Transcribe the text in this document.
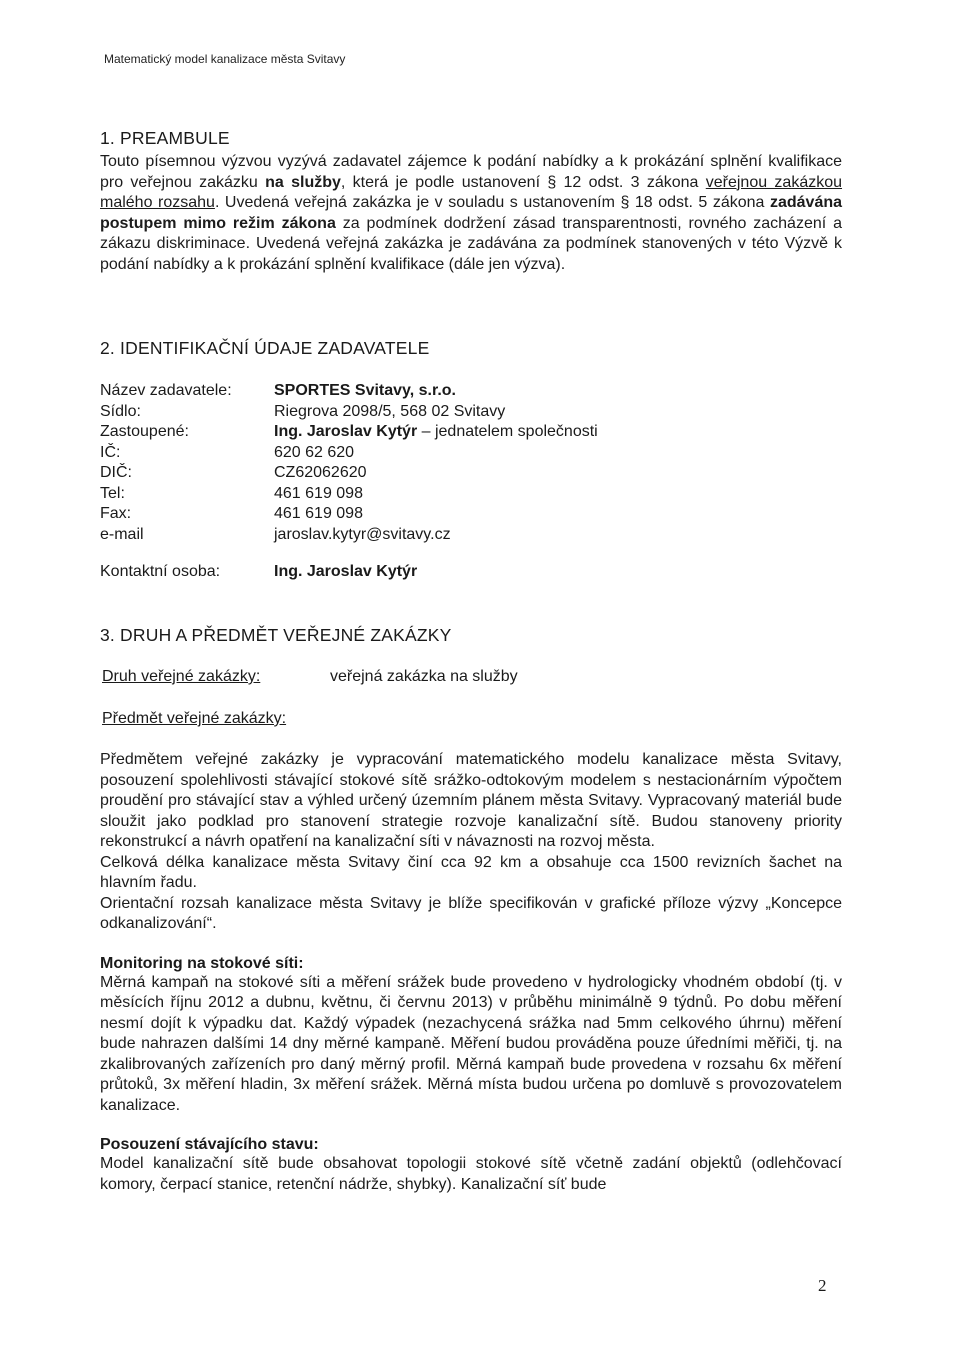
Matematický model kanalizace města Svitavy
1. PREAMBULE

Touto písemnou výzvou vyzývá zadavatel zájemce k podání nabídky a k prokázání splnění kvalifikace pro veřejnou zakázku na služby, která je podle ustanovení § 12 odst. 3 zákona veřejnou zakázkou malého rozsahu. Uvedená veřejná zakázka je v souladu s ustanovením § 18 odst. 5 zákona zadávána postupem mimo režim zákona za podmínek dodržení zásad transparentnosti, rovného zacházení a zákazu diskriminace. Uvedená veřejná zakázka je zadávána za podmínek stanovených v této Výzvě k podání nabídky a k prokázání splnění kvalifikace (dále jen výzva).

2. IDENTIFIKAČNÍ ÚDAJE ZADAVATELE
Název zadavatele:	SPORTES Svitavy, s.r.o.
Sídlo:	Riegrova 2098/5, 568 02 Svitavy
Zastoupené:	Ing. Jaroslav Kytýr – jednatelem společnosti
IČ:	620 62 620
DIČ:	CZ62062620
Tel:	461 619 098
Fax:	461 619 098
e-mail	jaroslav.kytyr@svitavy.cz
Kontaktní osoba:	Ing. Jaroslav Kytýr
3. DRUH A PŘEDMĚT VEŘEJNÉ ZAKÁZKY
Druh veřejné zakázky:	veřejná zakázka na služby
Předmět veřejné zakázky:

Předmětem veřejné zakázky je vypracování matematického modelu kanalizace města Svitavy, posouzení spolehlivosti stávající stokové sítě srážko-odtokovým modelem s nestacionárním výpočtem proudění pro stávající stav a výhled určený územním plánem města Svitavy. Vypracovaný materiál bude sloužit jako podklad pro stanovení strategie rozvoje kanalizační sítě. Budou stanoveny priority rekonstrukcí a návrh opatření na kanalizační síti v návaznosti na rozvoj města.

Celková délka kanalizace města Svitavy činí cca 92 km a obsahuje cca 1500 revizních šachet na hlavním řadu.

Orientační rozsah kanalizace města Svitavy je blíže specifikován v grafické příloze výzvy „Koncepce odkanalizování“.

Monitoring na stokové síti:

Měrná kampaň na stokové síti a měření srážek bude provedeno v hydrologicky vhodném období (tj. v měsících říjnu 2012 a dubnu, květnu, či červnu 2013) v průběhu minimálně 9 týdnů. Po dobu měření nesmí dojít k výpadku dat. Každý výpadek (nezachycená srážka nad 5mm celkového úhrnu) měření bude nahrazen dalšími 14 dny měrné kampaně. Měření budou prováděna pouze úředními měřiči, tj. na zkalibrovaných zařízeních pro daný měrný profil. Měrná kampaň bude provedena v rozsahu 6x měření průtoků, 3x měření hladin, 3x měření srážek. Měrná místa budou určena po domluvě s provozovatelem kanalizace.

Posouzení stávajícího stavu:

Model kanalizační sítě bude obsahovat topologii stokové sítě včetně zadání objektů (odlehčovací komory, čerpací stanice, retenční nádrže, shybky). Kanalizační síť bude

2
